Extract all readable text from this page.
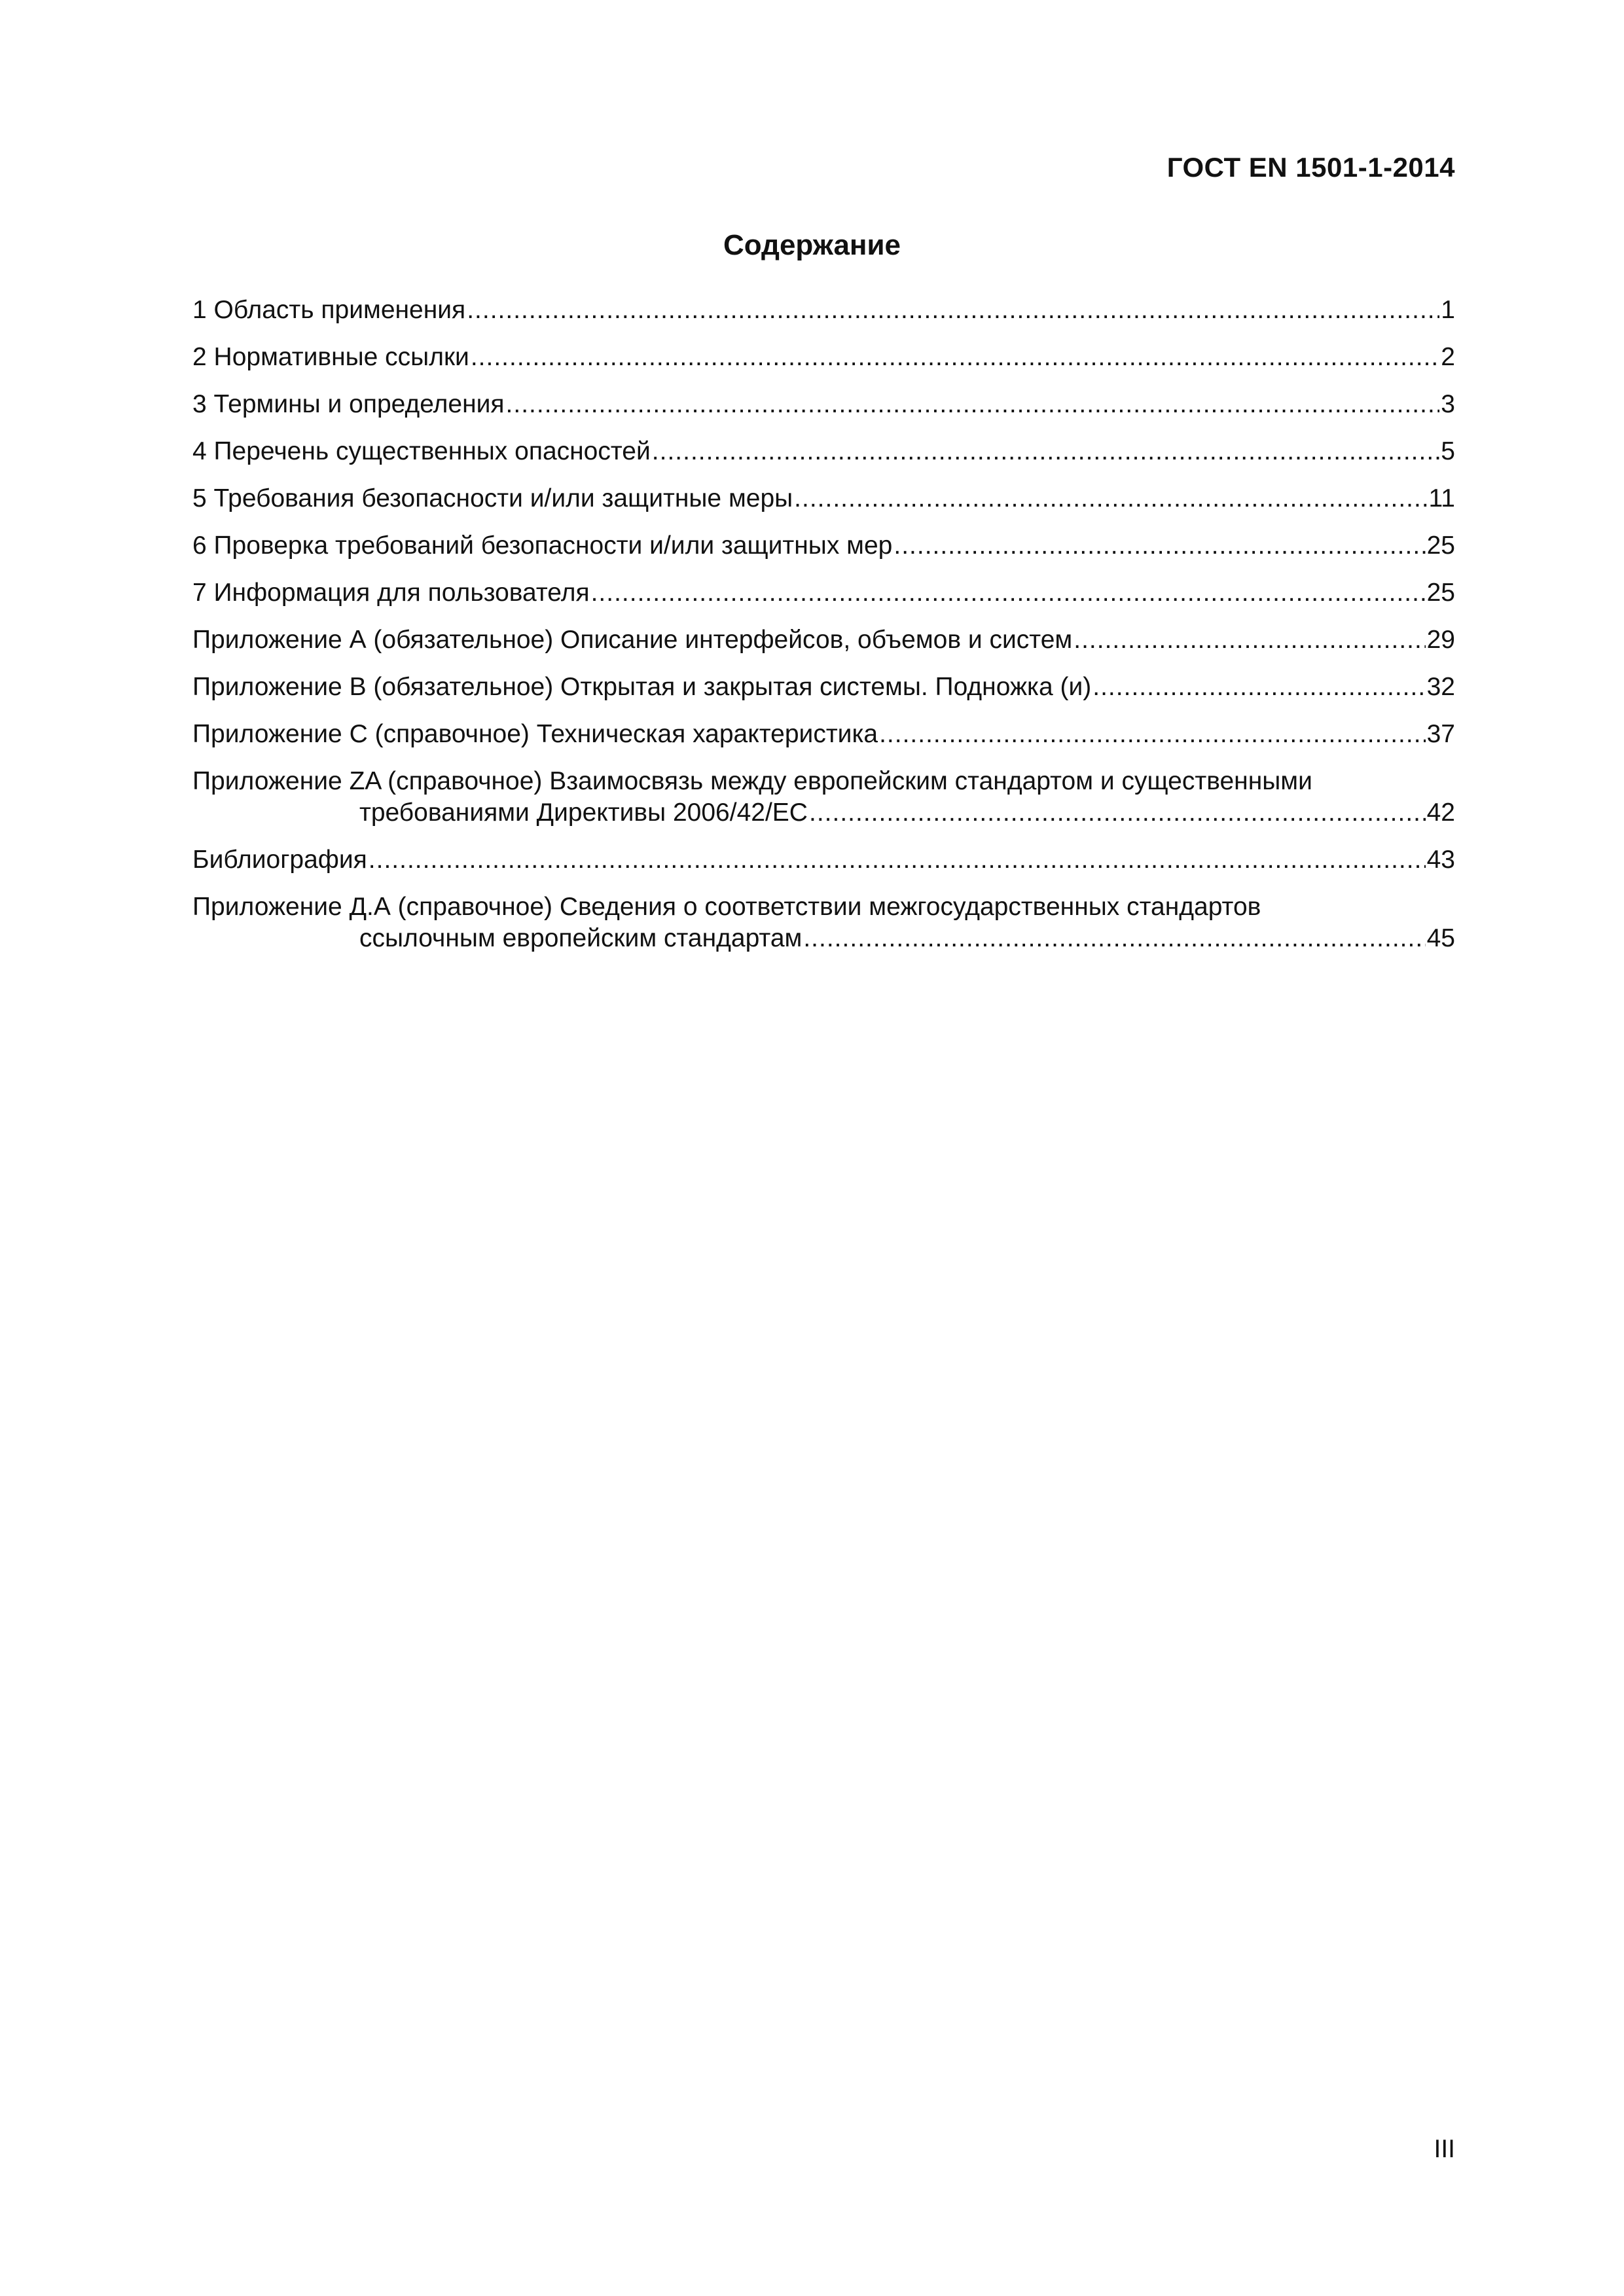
ГОСТ EN 1501-1-2014
Содержание
1 Область применения .....	1
2 Нормативные ссылки .....	2
3 Термины и определения .....	3
4 Перечень существенных опасностей .....	5
5 Требования безопасности и/или защитные меры .....	11
6 Проверка требований безопасности и/или защитных мер .....	25
7 Информация для пользователя .....	25
Приложение А (обязательное) Описание интерфейсов, объемов и систем .....	29
Приложение В (обязательное) Открытая и закрытая системы. Подножка (и) .....	32
Приложение С (справочное) Техническая характеристика .....	37
Приложение ZA (справочное) Взаимосвязь между европейским стандартом и существенными
требованиями Директивы 2006/42/ЕС .....	42
Библиография .....	43
Приложение Д.А (справочное) Сведения о соответствии межгосударственных стандартов
ссылочным европейским стандартам .....	45
III
